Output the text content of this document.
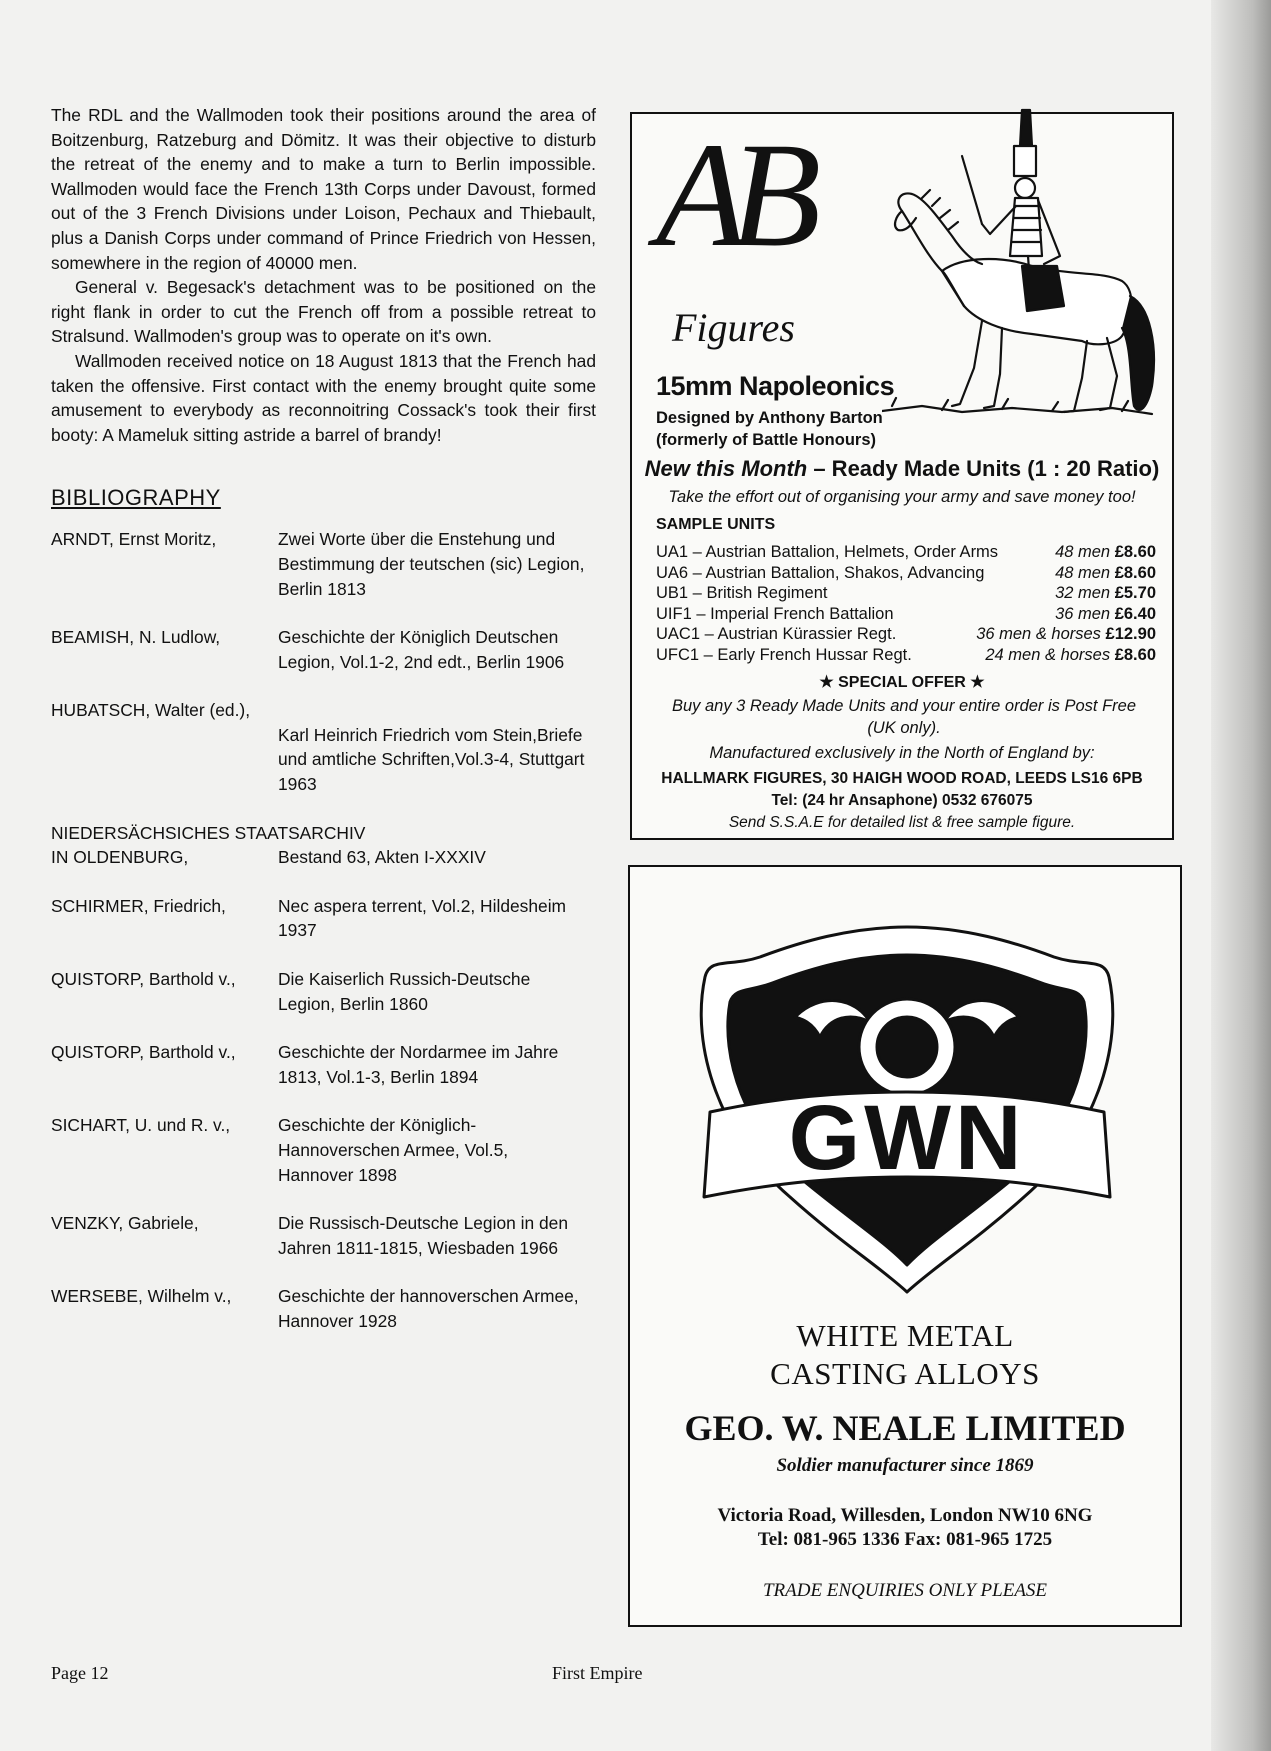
The RDL and the Wallmoden took their positions around the area of Boitzenburg, Ratzeburg and Dömitz. It was their objective to disturb the retreat of the enemy and to make a turn to Berlin impossible. Wallmoden would face the French 13th Corps under Davoust, formed out of the 3 French Divisions under Loison, Pechaux and Thiebault, plus a Danish Corps under command of Prince Friedrich von Hessen, somewhere in the region of 40000 men.

General v. Begesack's detachment was to be positioned on the right flank in order to cut the French off from a possible retreat to Stralsund. Wallmoden's group was to operate on it's own.

Wallmoden received notice on 18 August 1813 that the French had taken the offensive. First contact with the enemy brought quite some amusement to everybody as reconnoitring Cossack's took their first booty: A Mameluk sitting astride a barrel of brandy!

BIBLIOGRAPHY
ARNDT, Ernst Moritz,	Zwei Worte über die Enstehung und Bestimmung der teutschen (sic) Legion, Berlin 1813
BEAMISH, N. Ludlow,	Geschichte der Königlich Deutschen Legion, Vol.1-2, 2nd edt., Berlin 1906
HUBATSCH, Walter (ed.),
Karl Heinrich Friedrich vom Stein,Briefe und amtliche Schriften,Vol.3-4, Stuttgart 1963
NIEDERSÄCHSICHES STAATSARCHIV
IN OLDENBURG,	Bestand 63, Akten I-XXXIV
SCHIRMER, Friedrich,	Nec aspera terrent, Vol.2, Hildesheim 1937
QUISTORP, Barthold v.,	Die Kaiserlich Russich-Deutsche Legion, Berlin 1860
QUISTORP, Barthold v.,	Geschichte der Nordarmee im Jahre 1813, Vol.1-3, Berlin 1894
SICHART, U. und R. v.,	Geschichte der Königlich-Hannoverschen Armee, Vol.5, Hannover 1898
VENZKY, Gabriele,	Die Russisch-Deutsche Legion in den Jahren 1811-1815, Wiesbaden 1966
WERSEBE, Wilhelm v.,	Geschichte der hannoverschen Armee, Hannover 1928
AB
Figures
15mm Napoleonics
Designed by Anthony Barton
(formerly of Battle Honours)
New this Month – Ready Made Units (1 : 20 Ratio)
Take the effort out of organising your army and save money too!
SAMPLE UNITS
UA1 – Austrian Battalion, Helmets, Order Arms	48 men £8.60
UA6 – Austrian Battalion, Shakos, Advancing	48 men £8.60
UB1 – British Regiment	32 men £5.70
UIF1 – Imperial French Battalion	36 men £6.40
UAC1 – Austrian Kürassier Regt.	36 men & horses £12.90
UFC1 – Early French Hussar Regt.	24 men & horses £8.60
★ SPECIAL OFFER ★
Buy any 3 Ready Made Units and your entire order is Post Free (UK only).
Manufactured exclusively in the North of England by:
HALLMARK FIGURES, 30 HAIGH WOOD ROAD, LEEDS LS16 6PB
Tel: (24 hr Ansaphone) 0532 676075
Send S.S.A.E for detailed list & free sample figure.
GWN
WHITE METAL
CASTING ALLOYS
GEO. W. NEALE LIMITED
Soldier manufacturer since 1869
Victoria Road, Willesden, London NW10 6NG
Tel: 081-965 1336 Fax: 081-965 1725
TRADE ENQUIRIES ONLY PLEASE
Page 12	First Empire
